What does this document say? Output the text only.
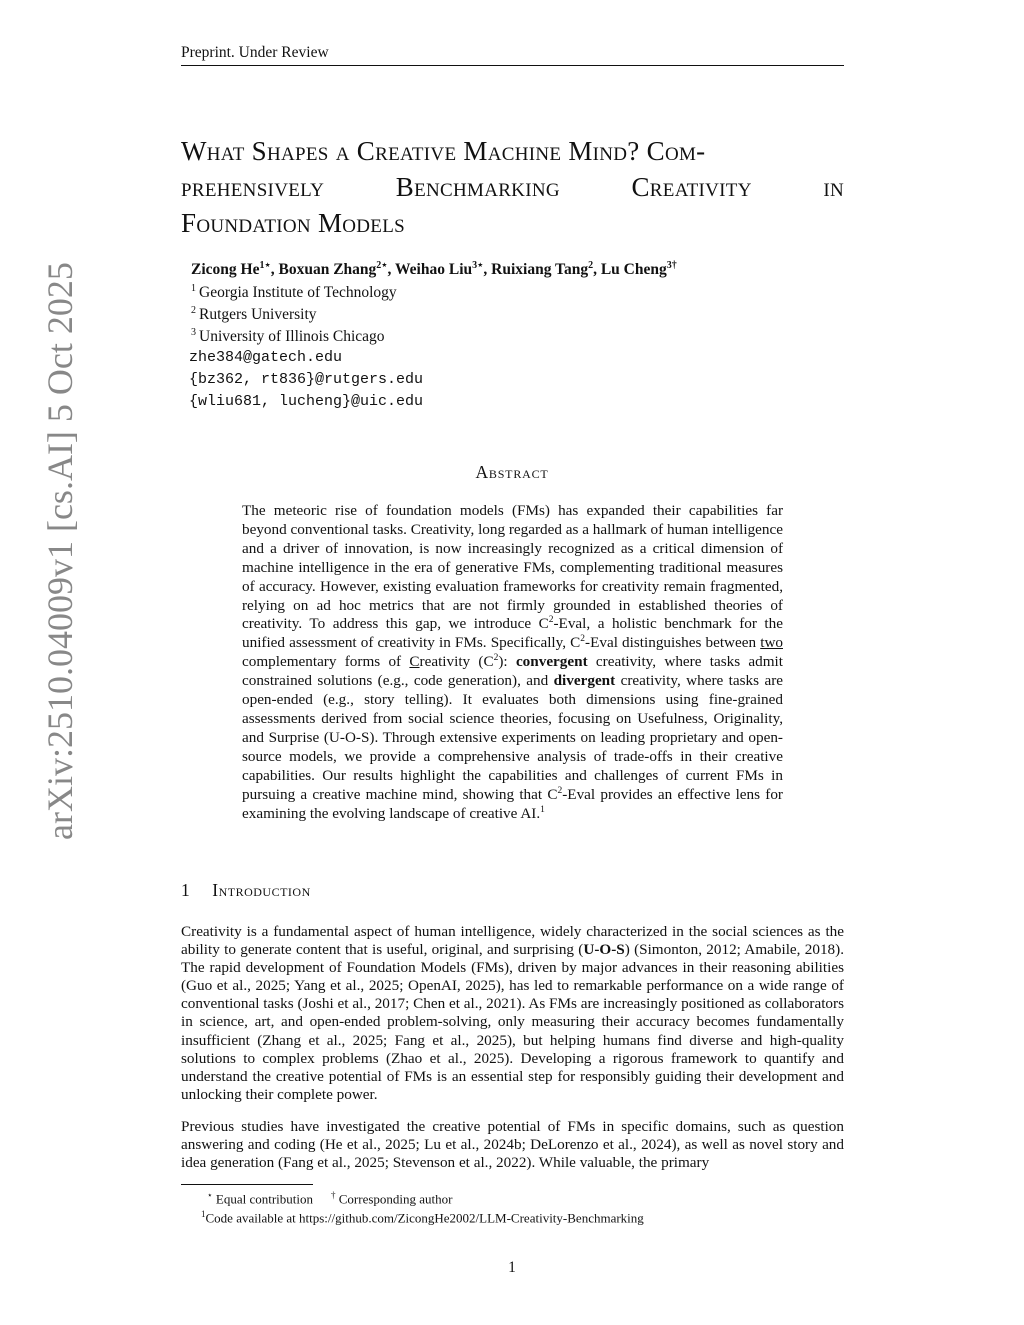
Preprint. Under Review
What Shapes a Creative Machine Mind? Com-
prehensively	Benchmarking	Creativity	in
Foundation Models
Zicong $He^{1⋆}$, Boxuan Zhang$^{2⋆}$, Weihao Liu$^{3⋆}$, Ruixiang Tang$^2$, Lu Cheng$^{3\dagger}$
$^1$ Georgia Institute of Technology
$^2$ Rutgers University
$^3$ University of Illinois Chicago
zhe384@gatech.edu
{bz362, rt836}@rutgers.edu
{wliu681, lucheng}@uic.edu
Abstract
The meteoric rise of foundation models (FMs) has expanded their capabilities far beyond conventional tasks. Creativity, long regarded as a hallmark of human intelligence and a driver of innovation, is now increasingly recognized as a critical dimension of machine intelligence in the era of generative FMs, complementing traditional measures of accuracy. However, existing evaluation frameworks for creativity remain fragmented, relying on ad hoc metrics that are not firmly grounded in established theories of creativity. To address this gap, we introduce $C^2$-Eval, a holistic benchmark for the unified assessment of creativity in FMs. Specifically, $C^2$-Eval distinguishes between two complementary forms of Creativity $(C^2)$: convergent creativity, where tasks admit constrained solutions (e.g., code generation), and divergent creativity, where tasks are open-ended (e.g., story telling). It evaluates both dimensions using fine-grained assessments derived from social science theories, focusing on Usefulness, Originality, and Surprise (U-O-S). Through extensive experiments on leading proprietary and open-source models, we provide a comprehensive analysis of trade-offs in their creative capabilities. Our results highlight the capabilities and challenges of current FMs in pursuing a creative machine mind, showing that $C^2$-Eval provides an effective lens for examining the evolving landscape of creative AI.$^1$
1 Introduction
Creativity is a fundamental aspect of human intelligence, widely characterized in the social sciences as the ability to generate content that is useful, original, and surprising (U-O-S) (Simonton, 2012; Amabile, 2018). The rapid development of Foundation Models (FMs), driven by major advances in their reasoning abilities (Guo et al., 2025; Yang et al., 2025; OpenAI, 2025), has led to remarkable performance on a wide range of conventional tasks (Joshi et al., 2017; Chen et al., 2021). As FMs are increasingly positioned as collaborators in science, art, and open-ended problem-solving, only measuring their accuracy becomes fundamentally insufficient (Zhang et al., 2025; Fang et al., 2025), but helping humans find diverse and high-quality solutions to complex problems (Zhao et al., 2025). Developing a rigorous framework to quantify and understand the creative potential of FMs is an essential step for responsibly guiding their development and unlocking their complete power.
Previous studies have investigated the creative potential of FMs in specific domains, such as question answering and coding (He et al., 2025; Lu et al., 2024b; DeLorenzo et al., 2024), as well as novel story and idea generation (Fang et al., 2025; Stevenson et al., 2022). While valuable, the primary
⋆ Equal contribution † Corresponding author
$^1$Code available at https://github.com/ZicongHe2002/LLM-Creativity-Benchmarking
1
arXiv:2510.04009v1 [cs.AI] 5 Oct 2025
